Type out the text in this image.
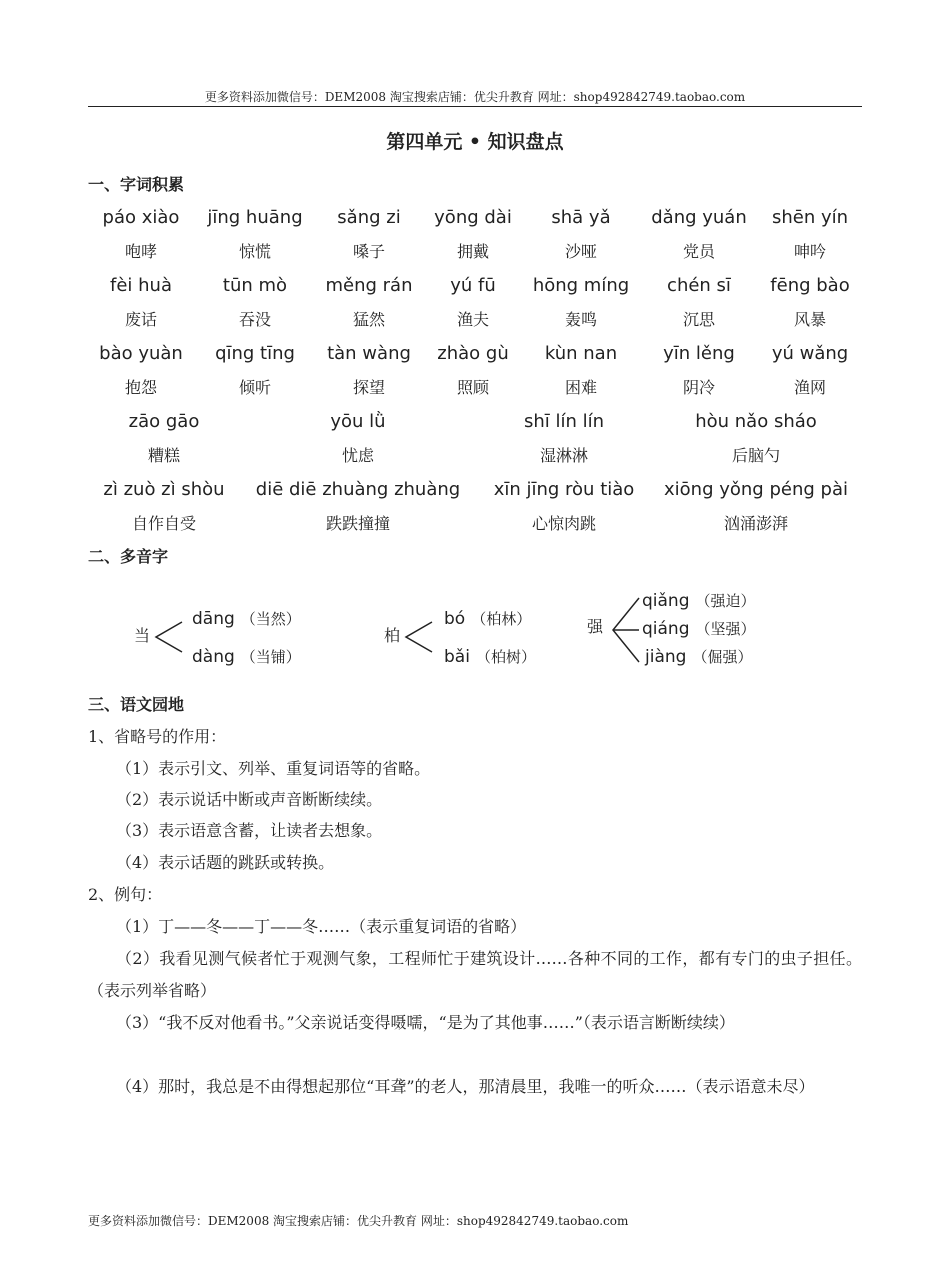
更多资料添加微信号：DEM2008 淘宝搜索店铺：优尖升教育 网址：shop492842749.taobao.com
第四单元 • 知识盘点
一、字词积累
páo xiào
咆哮
jīng huāng
惊慌
sǎng zi
嗓子
yōng dài
拥戴
shā yǎ
沙哑
dǎng yuán
党员
shēn yín
呻吟
fèi huà
废话
tūn mò
吞没
měng rán
猛然
yú fū
渔夫
hōng míng
轰鸣
chén sī
沉思
fēng bào
风暴
bào yuàn
抱怨
qīng tīng
倾听
tàn wàng
探望
zhào gù
照顾
kùn nan
困难
yīn lěng
阴冷
yú wǎng
渔网
zāo gāo
糟糕
yōu lǜ
忧虑
shī lín lín
湿淋淋
hòu nǎo sháo
后脑勺
zì zuò zì shòu
自作自受
diē diē zhuàng zhuàng
跌跌撞撞
xīn jīng ròu tiào
心惊肉跳
xiōng yǒng péng pài
汹涌澎湃
二、多音字
当
dāng （当然）
dàng （当铺）
柏
bó （柏林）
bǎi （柏树）
强
qiǎng （强迫）
qiáng （坚强）
jiàng （倔强）
三、语文园地
1、省略号的作用：
（1）表示引文、列举、重复词语等的省略。
（2）表示说话中断或声音断断续续。
（3）表示语意含蓄，让读者去想象。
（4）表示话题的跳跃或转换。
2、例句：
（1）丁——冬——丁——冬……（表示重复词语的省略）
（2）我看见测气候者忙于观测气象，工程师忙于建筑设计……各种不同的工作，都有专门的虫子担任。（表示列举省略）
（3）“我不反对他看书。”父亲说话变得嗫嚅，“是为了其他事……”（表示语言断断续续）
（4）那时，我总是不由得想起那位“耳聋”的老人，那清晨里，我唯一的听众……（表示语意未尽）
更多资料添加微信号：DEM2008 淘宝搜索店铺：优尖升教育 网址：shop492842749.taobao.com
